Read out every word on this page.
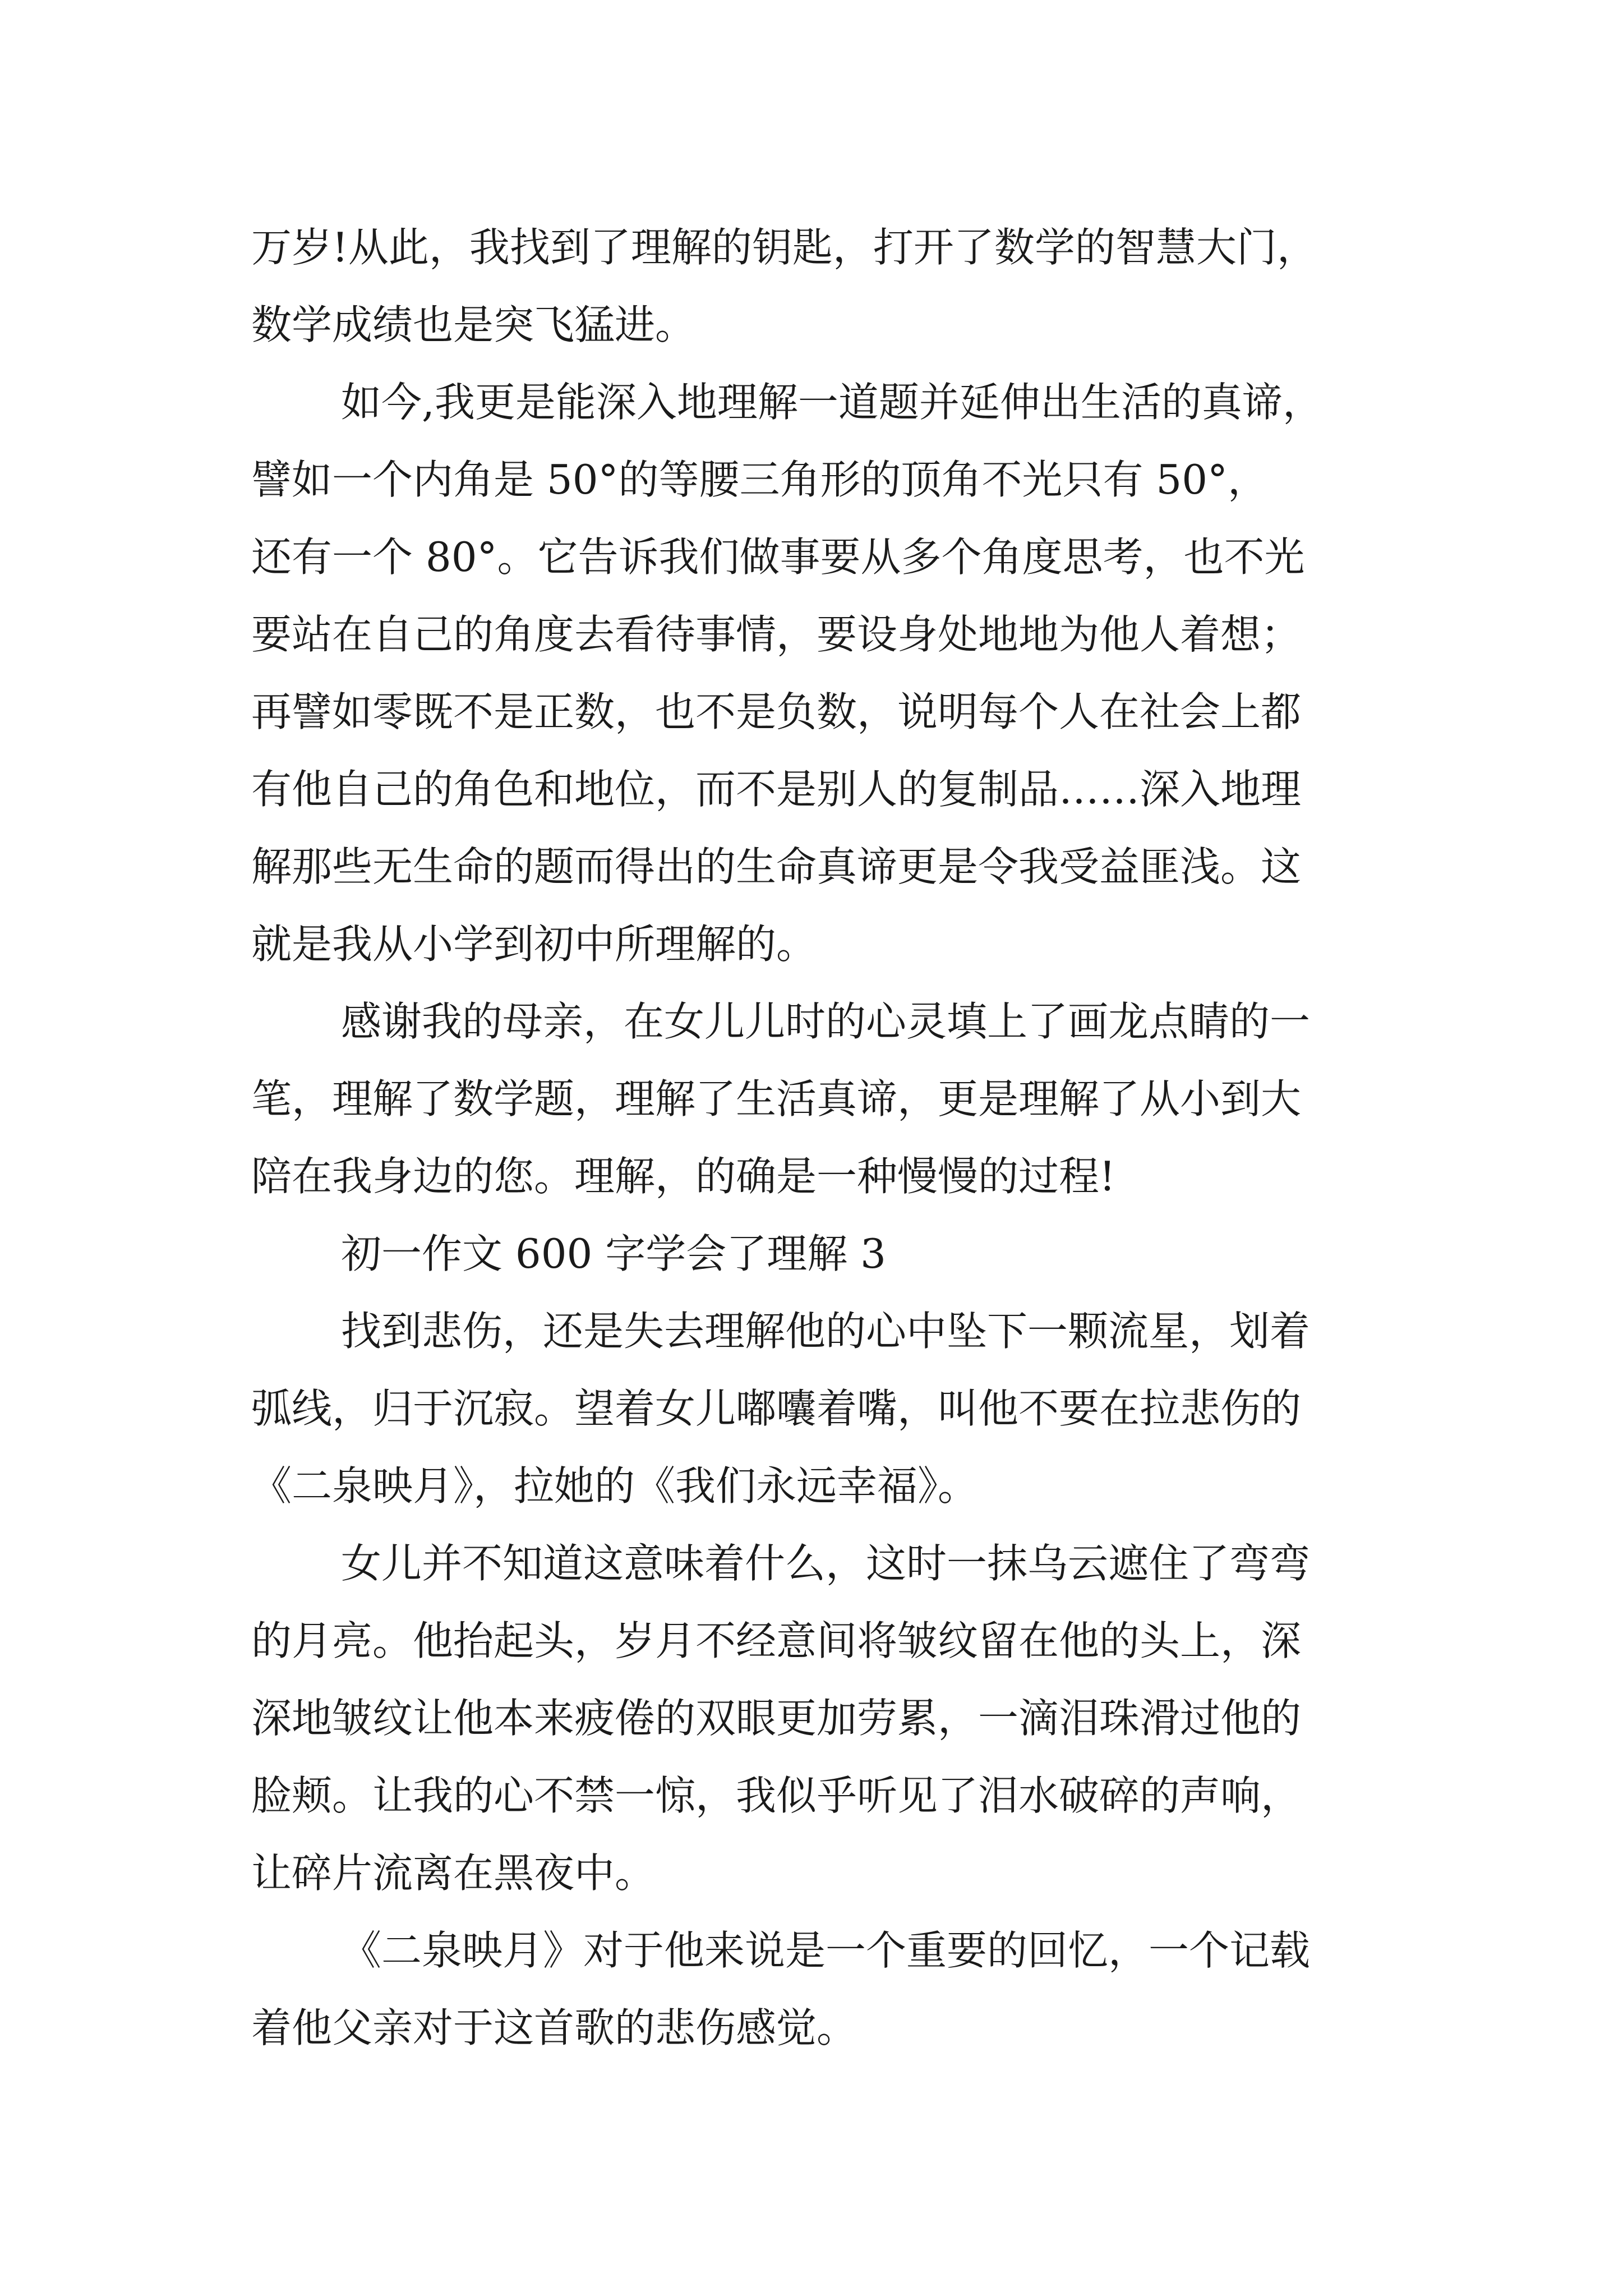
万岁!从此，我找到了理解的钥匙，打开了数学的智慧大门，
数学成绩也是突飞猛进。
如今,我更是能深入地理解一道题并延伸出生活的真谛，
譬如一个内角是 50°的等腰三角形的顶角不光只有 50°，
还有一个 80°。它告诉我们做事要从多个角度思考，也不光
要站在自己的角度去看待事情，要设身处地地为他人着想；
再譬如零既不是正数，也不是负数，说明每个人在社会上都
有他自己的角色和地位，而不是别人的复制品……深入地理
解那些无生命的题而得出的生命真谛更是令我受益匪浅。这
就是我从小学到初中所理解的。
感谢我的母亲，在女儿儿时的心灵填上了画龙点睛的一
笔，理解了数学题，理解了生活真谛，更是理解了从小到大
陪在我身边的您。理解，的确是一种慢慢的过程!
初一作文 600 字学会了理解 3
找到悲伤，还是失去理解他的心中坠下一颗流星，划着
弧线，归于沉寂。望着女儿嘟囔着嘴，叫他不要在拉悲伤的
《二泉映月》，拉她的《我们永远幸福》。
女儿并不知道这意味着什么，这时一抹乌云遮住了弯弯
的月亮。他抬起头，岁月不经意间将皱纹留在他的头上，深
深地皱纹让他本来疲倦的双眼更加劳累，一滴泪珠滑过他的
脸颊。让我的心不禁一惊，我似乎听见了泪水破碎的声响，
让碎片流离在黑夜中。
《二泉映月》对于他来说是一个重要的回忆，一个记载
着他父亲对于这首歌的悲伤感觉。
